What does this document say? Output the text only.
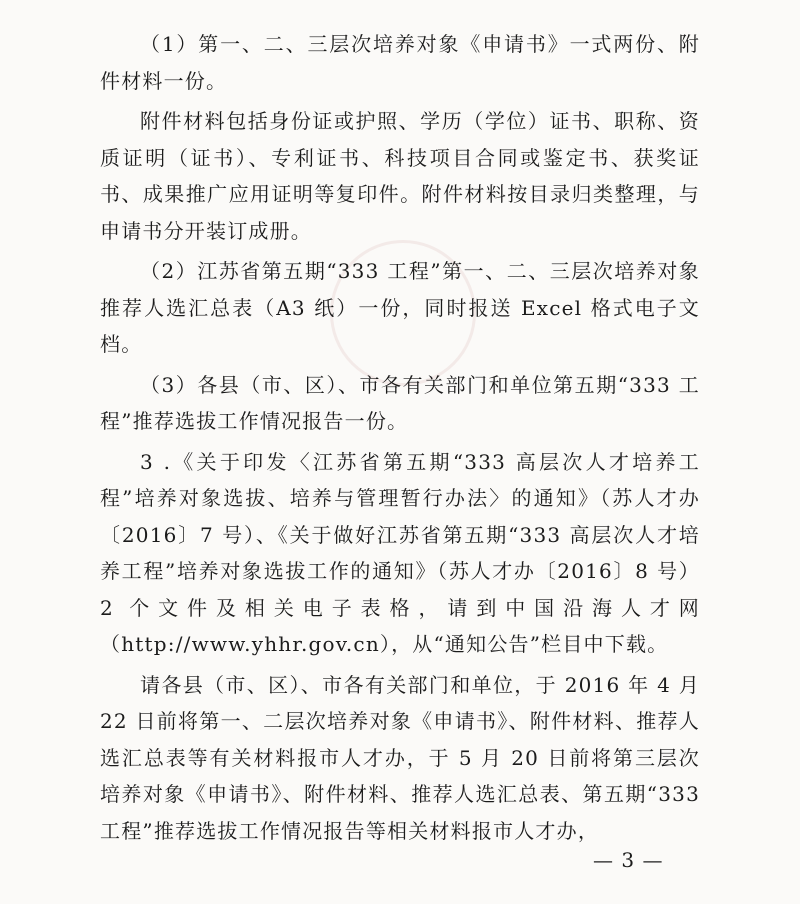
（1）第一、二、三层次培养对象《申请书》一式两份、附件材料一份。

附件材料包括身份证或护照、学历（学位）证书、职称、资质证明（证书）、专利证书、科技项目合同或鉴定书、获奖证书、成果推广应用证明等复印件。附件材料按目录归类整理，与申请书分开装订成册。

（2）江苏省第五期“333 工程”第一、二、三层次培养对象推荐人选汇总表（A3 纸）一份，同时报送 Excel 格式电子文档。

（3）各县（市、区）、市各有关部门和单位第五期“333 工程”推荐选拔工作情况报告一份。

3 .《关于印发〈江苏省第五期“333 高层次人才培养工程”培养对象选拔、培养与管理暂行办法〉的通知》（苏人才办〔2016〕7 号）、《关于做好江苏省第五期“333 高层次人才培养工程”培养对象选拔工作的通知》（苏人才办〔2016〕8 号）2 个文件及相关电子表格，请到中国沿海人才网（http://www.yhhr.gov.cn），从“通知公告”栏目中下载。

请各县（市、区）、市各有关部门和单位，于 2016 年 4 月 22 日前将第一、二层次培养对象《申请书》、附件材料、推荐人选汇总表等有关材料报市人才办，于 5 月 20 日前将第三层次培养对象《申请书》、附件材料、推荐人选汇总表、第五期“333 工程”推荐选拔工作情况报告等相关材料报市人才办，

— 3 —
